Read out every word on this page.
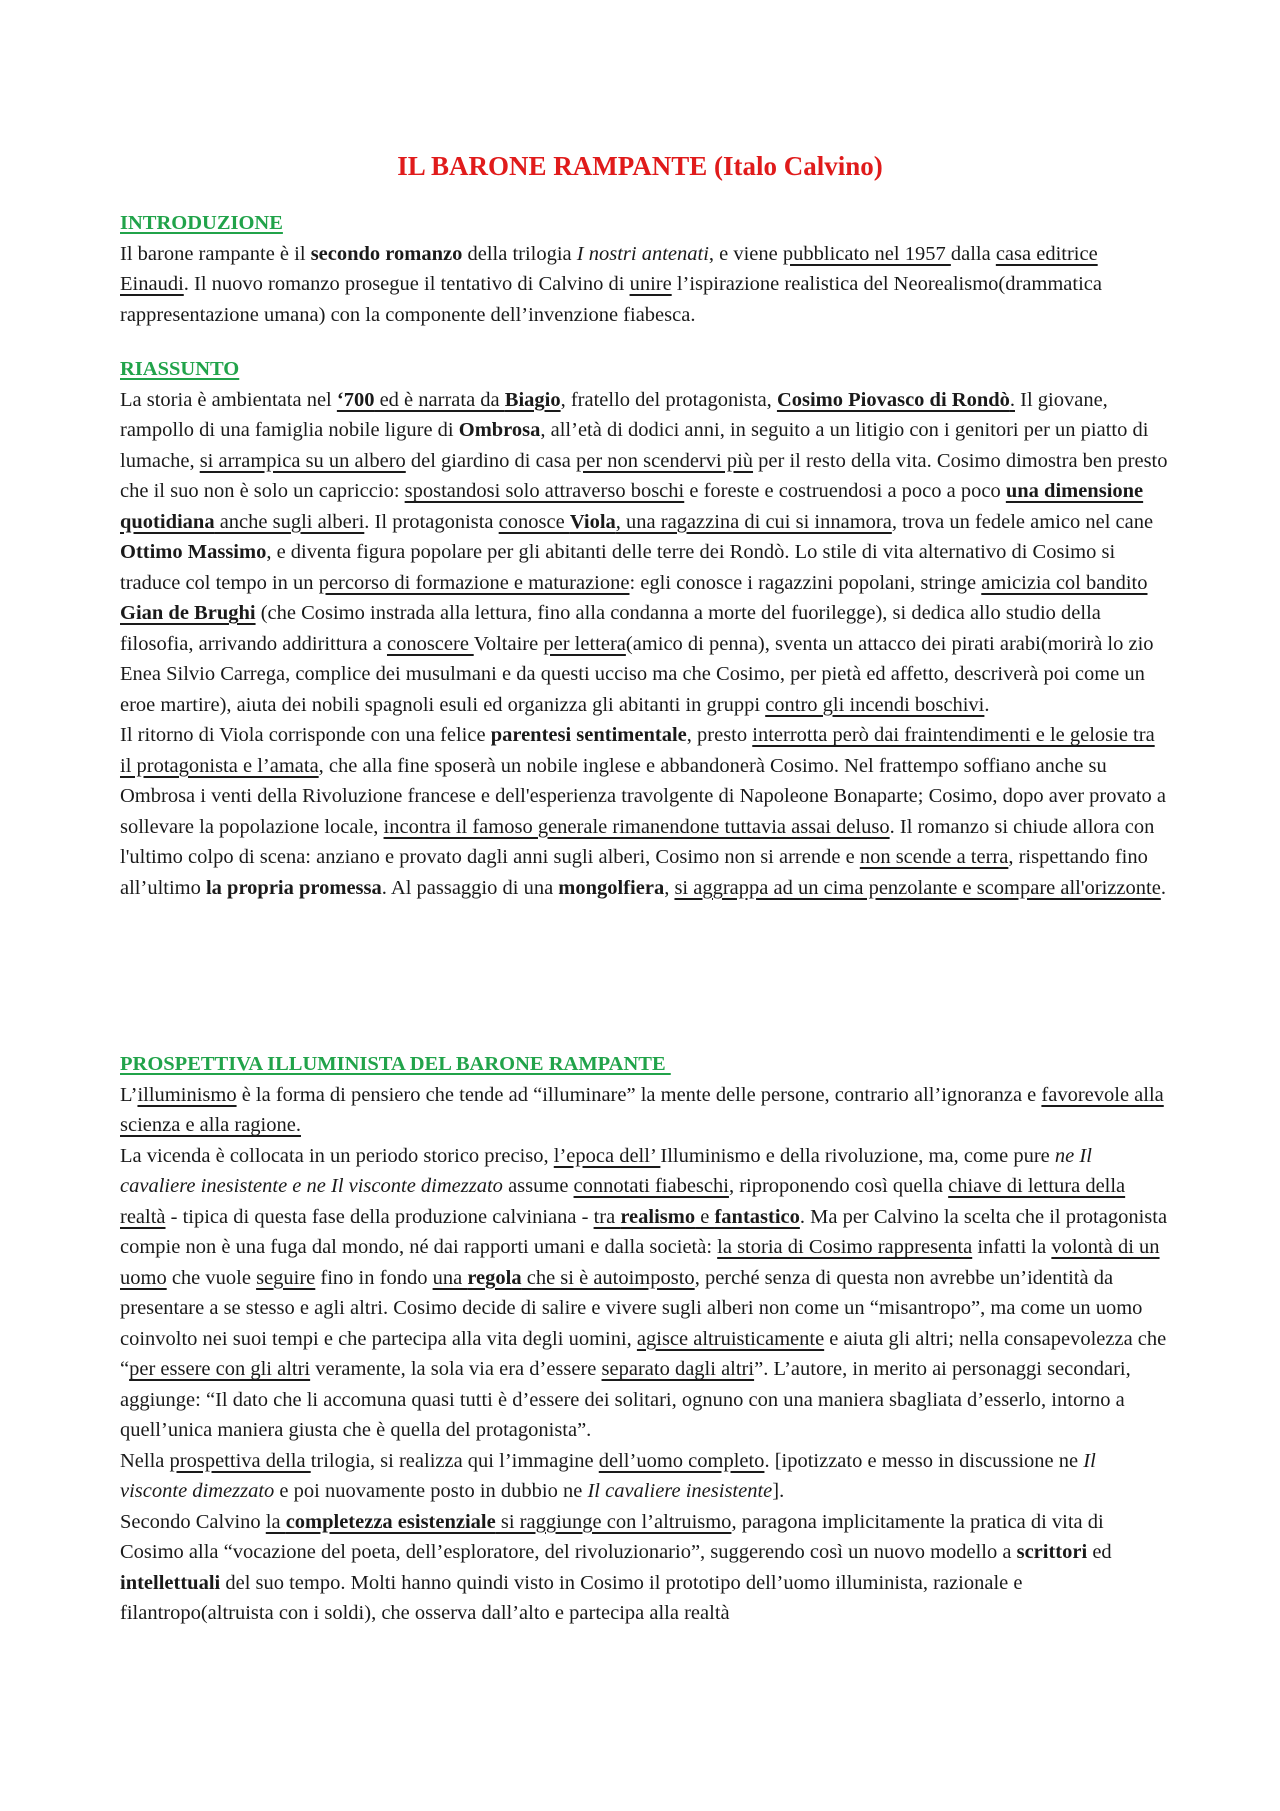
IL BARONE RAMPANTE (Italo Calvino)
INTRODUZIONE

Il barone rampante è il secondo romanzo della trilogia I nostri antenati, e viene pubblicato nel 1957 dalla casa editrice Einaudi. Il nuovo romanzo prosegue il tentativo di Calvino di unire l’ispirazione realistica del Neorealismo(drammatica rappresentazione umana) con la componente dell’invenzione fiabesca.

RIASSUNTO

La storia è ambientata nel ‘700 ed è narrata da Biagio, fratello del protagonista, Cosimo Piovasco di Rondò. Il giovane, rampollo di una famiglia nobile ligure di Ombrosa, all’età di dodici anni, in seguito a un litigio con i genitori per un piatto di lumache, si arrampica su un albero del giardino di casa per non scendervi più per il resto della vita. Cosimo dimostra ben presto che il suo non è solo un capriccio: spostandosi solo attraverso boschi e foreste e costruendosi a poco a poco una dimensione quotidiana anche sugli alberi. Il protagonista conosce Viola, una ragazzina di cui si innamora, trova un fedele amico nel cane Ottimo Massimo, e diventa figura popolare per gli abitanti delle terre dei Rondò. Lo stile di vita alternativo di Cosimo si traduce col tempo in un percorso di formazione e maturazione: egli conosce i ragazzini popolani, stringe amicizia col bandito Gian de Brughi (che Cosimo instrada alla lettura, fino alla condanna a morte del fuorilegge), si dedica allo studio della filosofia, arrivando addirittura a conoscere Voltaire per lettera(amico di penna), sventa un attacco dei pirati arabi(morirà lo zio Enea Silvio Carrega, complice dei musulmani e da questi ucciso ma che Cosimo, per pietà ed affetto, descriverà poi come un eroe martire), aiuta dei nobili spagnoli esuli ed organizza gli abitanti in gruppi contro gli incendi boschivi.

Il ritorno di Viola corrisponde con una felice parentesi sentimentale, presto interrotta però dai fraintendimenti e le gelosie tra il protagonista e l’amata, che alla fine sposerà un nobile inglese e abbandonerà Cosimo. Nel frattempo soffiano anche su Ombrosa i venti della Rivoluzione francese e dell'esperienza travolgente di Napoleone Bonaparte; Cosimo, dopo aver provato a sollevare la popolazione locale, incontra il famoso generale rimanendone tuttavia assai deluso. Il romanzo si chiude allora con l'ultimo colpo di scena: anziano e provato dagli anni sugli alberi, Cosimo non si arrende e non scende a terra, rispettando fino all’ultimo la propria promessa. Al passaggio di una mongolfiera, si aggrappa ad un cima penzolante e scompare all'orizzonte.

PROSPETTIVA ILLUMINISTA DEL BARONE RAMPANTE

L’illuminismo è la forma di pensiero che tende ad “illuminare” la mente delle persone, contrario all’ignoranza e favorevole alla scienza e alla ragione.

La vicenda è collocata in un periodo storico preciso, l’epoca dell’ Illuminismo e della rivoluzione, ma, come pure ne Il cavaliere inesistente e ne Il visconte dimezzato assume connotati fiabeschi, riproponendo così quella chiave di lettura della realtà - tipica di questa fase della produzione calviniana - tra realismo e fantastico. Ma per Calvino la scelta che il protagonista compie non è una fuga dal mondo, né dai rapporti umani e dalla società: la storia di Cosimo rappresenta infatti la volontà di un uomo che vuole seguire fino in fondo una regola che si è autoimposto, perché senza di questa non avrebbe un’identità da presentare a se stesso e agli altri. Cosimo decide di salire e vivere sugli alberi non come un “misantropo”, ma come un uomo coinvolto nei suoi tempi e che partecipa alla vita degli uomini, agisce altruisticamente e aiuta gli altri; nella consapevolezza che “per essere con gli altri veramente, la sola via era d’essere separato dagli altri”. L’autore, in merito ai personaggi secondari, aggiunge: “Il dato che li accomuna quasi tutti è d’essere dei solitari, ognuno con una maniera sbagliata d’esserlo, intorno a quell’unica maniera giusta che è quella del protagonista”.

Nella prospettiva della trilogia, si realizza qui l’immagine dell’uomo completo. [ipotizzato e messo in discussione ne Il visconte dimezzato e poi nuovamente posto in dubbio ne Il cavaliere inesistente].

Secondo Calvino la completezza esistenziale si raggiunge con l’altruismo, paragona implicitamente la pratica di vita di Cosimo alla “vocazione del poeta, dell’esploratore, del rivoluzionario”, suggerendo così un nuovo modello a scrittori ed intellettuali del suo tempo. Molti hanno quindi visto in Cosimo il prototipo dell’uomo illuminista, razionale e filantropo(altruista con i soldi), che osserva dall’alto e partecipa alla realtà
